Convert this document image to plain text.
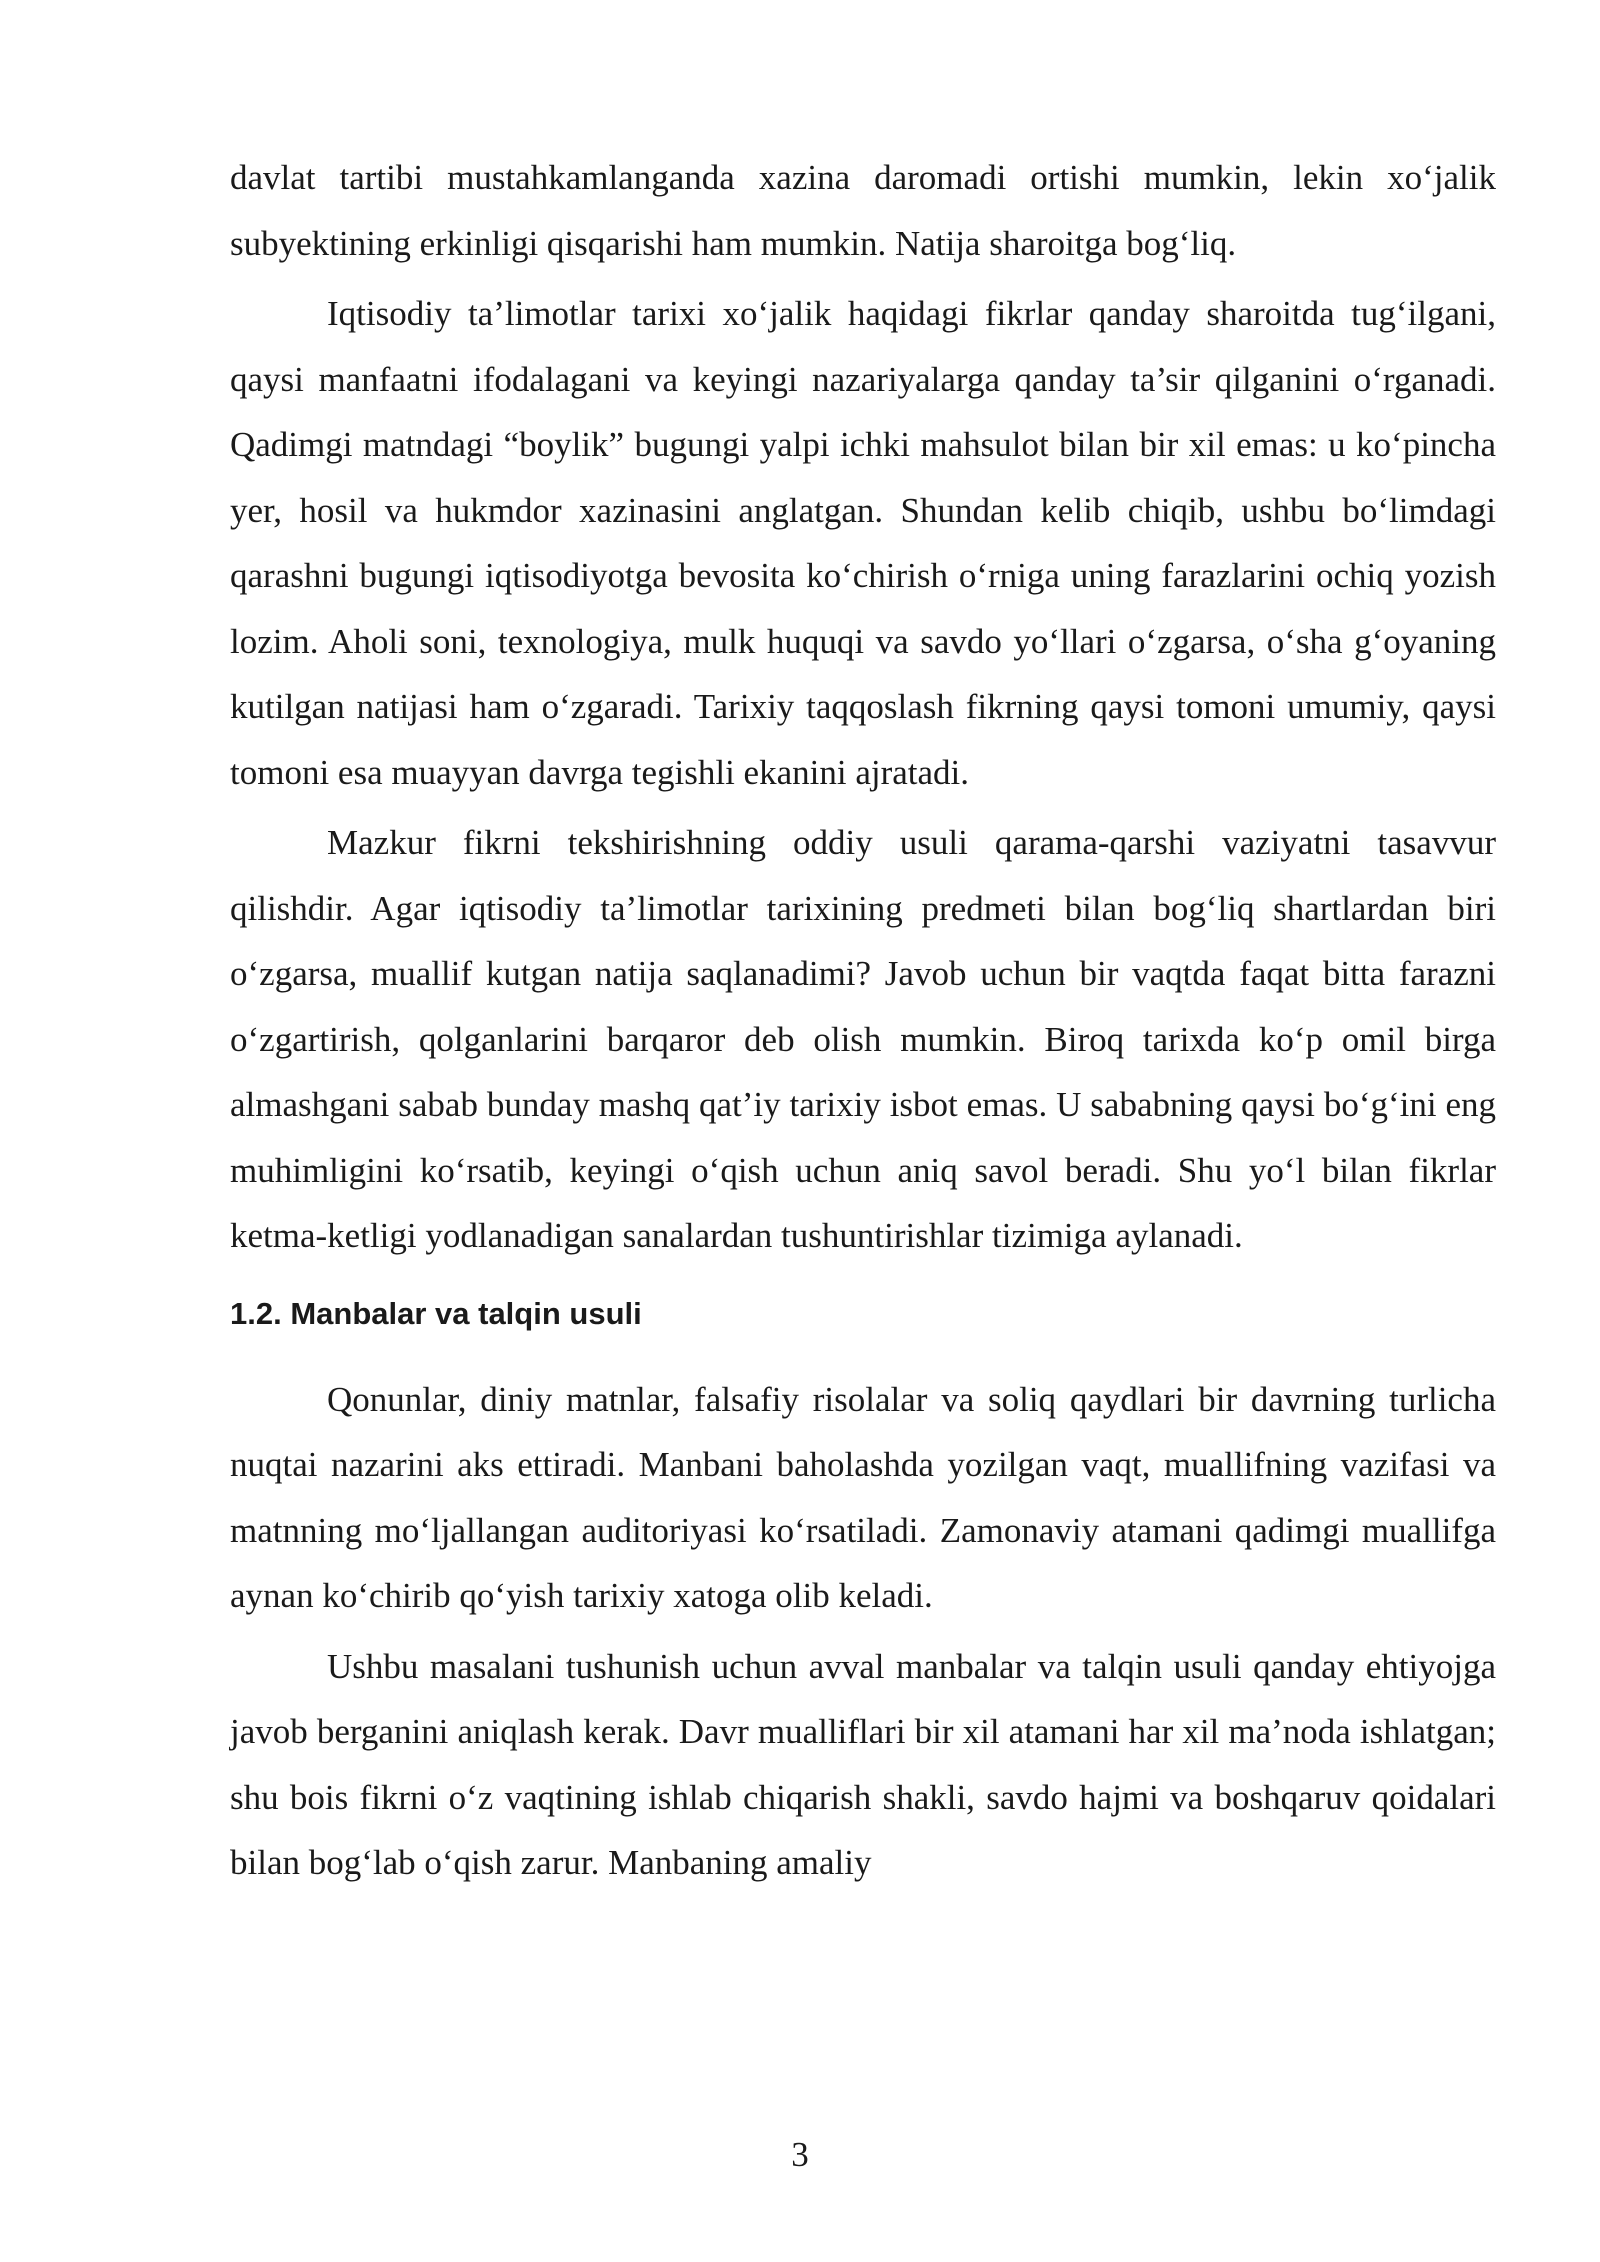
davlat tartibi mustahkamlanganda xazina daromadi ortishi mumkin, lekin xo‘jalik subyektining erkinligi qisqarishi ham mumkin. Natija sharoitga bog‘liq.

Iqtisodiy ta’limotlar tarixi xo‘jalik haqidagi fikrlar qanday sharoitda tug‘ilgani, qaysi manfaatni ifodalagani va keyingi nazariyalarga qanday ta’sir qilganini o‘rganadi. Qadimgi matndagi “boylik” bugungi yalpi ichki mahsulot bilan bir xil emas: u ko‘pincha yer, hosil va hukmdor xazinasini anglatgan. Shundan kelib chiqib, ushbu bo‘limdagi qarashni bugungi iqtisodiyotga bevosita ko‘chirish o‘rniga uning farazlarini ochiq yozish lozim. Aholi soni, texnologiya, mulk huquqi va savdo yo‘llari o‘zgarsa, o‘sha g‘oyaning kutilgan natijasi ham o‘zgaradi. Tarixiy taqqoslash fikrning qaysi tomoni umumiy, qaysi tomoni esa muayyan davrga tegishli ekanini ajratadi.

Mazkur fikrni tekshirishning oddiy usuli qarama-qarshi vaziyatni tasavvur qilishdir. Agar iqtisodiy ta’limotlar tarixining predmeti bilan bog‘liq shartlardan biri o‘zgarsa, muallif kutgan natija saqlanadimi? Javob uchun bir vaqtda faqat bitta farazni o‘zgartirish, qolganlarini barqaror deb olish mumkin. Biroq tarixda ko‘p omil birga almashgani sabab bunday mashq qat’iy tarixiy isbot emas. U sababning qaysi bo‘g‘ini eng muhimligini ko‘rsatib, keyingi o‘qish uchun aniq savol beradi. Shu yo‘l bilan fikrlar ketma-ketligi yodlanadigan sanalardan tushuntirishlar tizimiga aylanadi.

1.2. Manbalar va talqin usuli

Qonunlar, diniy matnlar, falsafiy risolalar va soliq qaydlari bir davrning turlicha nuqtai nazarini aks ettiradi. Manbani baholashda yozilgan vaqt, muallifning vazifasi va matnning mo‘ljallangan auditoriyasi ko‘rsatiladi. Zamonaviy atamani qadimgi muallifga aynan ko‘chirib qo‘yish tarixiy xatoga olib keladi.

Ushbu masalani tushunish uchun avval manbalar va talqin usuli qanday ehtiyojga javob berganini aniqlash kerak. Davr mualliflari bir xil atamani har xil ma’noda ishlatgan; shu bois fikrni o‘z vaqtining ishlab chiqarish shakli, savdo hajmi va boshqaruv qoidalari bilan bog‘lab o‘qish zarur. Manbaning amaliy

3
